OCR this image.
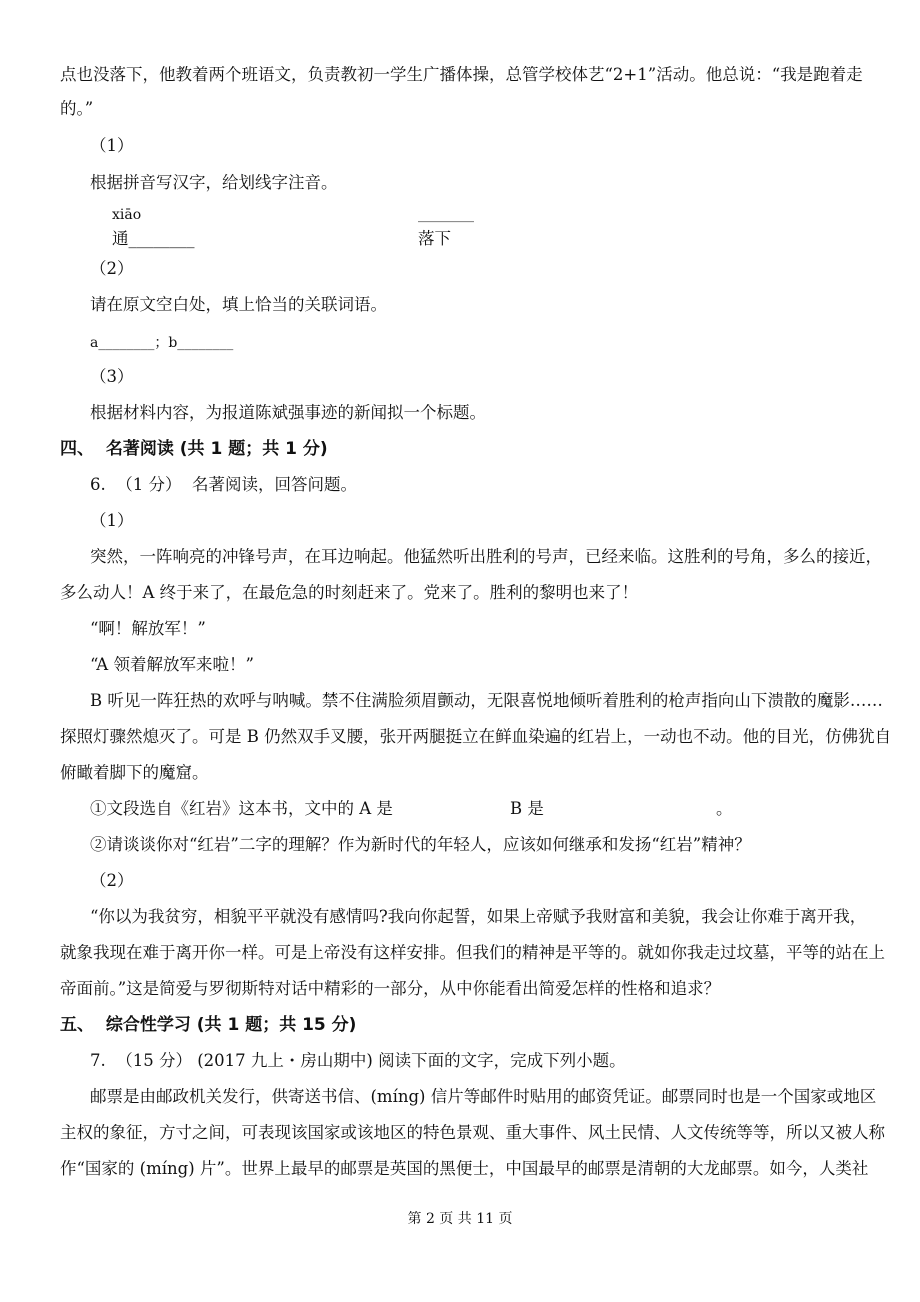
点也没落下，他教着两个班语文，负责教初一学生广播体操，总管学校体艺“2+1”活动。他总说：“我是跑着走
的。”
（1）
根据拼音写汉字，给划线字注音。
xiāo	________
通________	落下
（2）
请在原文空白处，填上恰当的关联词语。
a________；b________
（3）
根据材料内容，为报道陈斌强事迹的新闻拟一个标题。
四、  名著阅读 (共 1 题；共 1 分)
6.  （1 分）  名著阅读，回答问题。
（1）
突然，一阵响亮的冲锋号声，在耳边响起。他猛然听出胜利的号声，已经来临。这胜利的号角，多么的接近，
多么动人！A 终于来了，在最危急的时刻赶来了。党来了。胜利的黎明也来了！
“啊！解放军！”
“A 领着解放军来啦！”
B 听见一阵狂热的欢呼与呐喊。禁不住满脸须眉颤动，无限喜悦地倾听着胜利的枪声指向山下溃散的魔影……
探照灯骤然熄灭了。可是 B 仍然双手叉腰，张开两腿挺立在鲜血染遍的红岩上，一动也不动。他的目光，仿佛犹自
俯瞰着脚下的魔窟。
①文段选自《红岩》这本书，文中的 A 是	B 是	。
②请谈谈你对“红岩”二字的理解？作为新时代的年轻人，应该如何继承和发扬“红岩”精神？
（2）
“你以为我贫穷，相貌平平就没有感情吗?我向你起誓，如果上帝赋予我财富和美貌，我会让你难于离开我，
就象我现在难于离开你一样。可是上帝没有这样安排。但我们的精神是平等的。就如你我走过坟墓，平等的站在上
帝面前。”这是简爱与罗彻斯特对话中精彩的一部分，从中你能看出简爱怎样的性格和追求？
五、  综合性学习 (共 1 题；共 15 分)
7.  （15 分） (2017 九上・房山期中) 阅读下面的文字，完成下列小题。
邮票是由邮政机关发行，供寄送书信、(míng) 信片等邮件时贴用的邮资凭证。邮票同时也是一个国家或地区
主权的象征，方寸之间，可表现该国家或该地区的特色景观、重大事件、风土民情、人文传统等等，所以又被人称
作“国家的 (míng) 片”。世界上最早的邮票是英国的黑便士，中国最早的邮票是清朝的大龙邮票。如今，人类社
第 2 页 共 11 页
